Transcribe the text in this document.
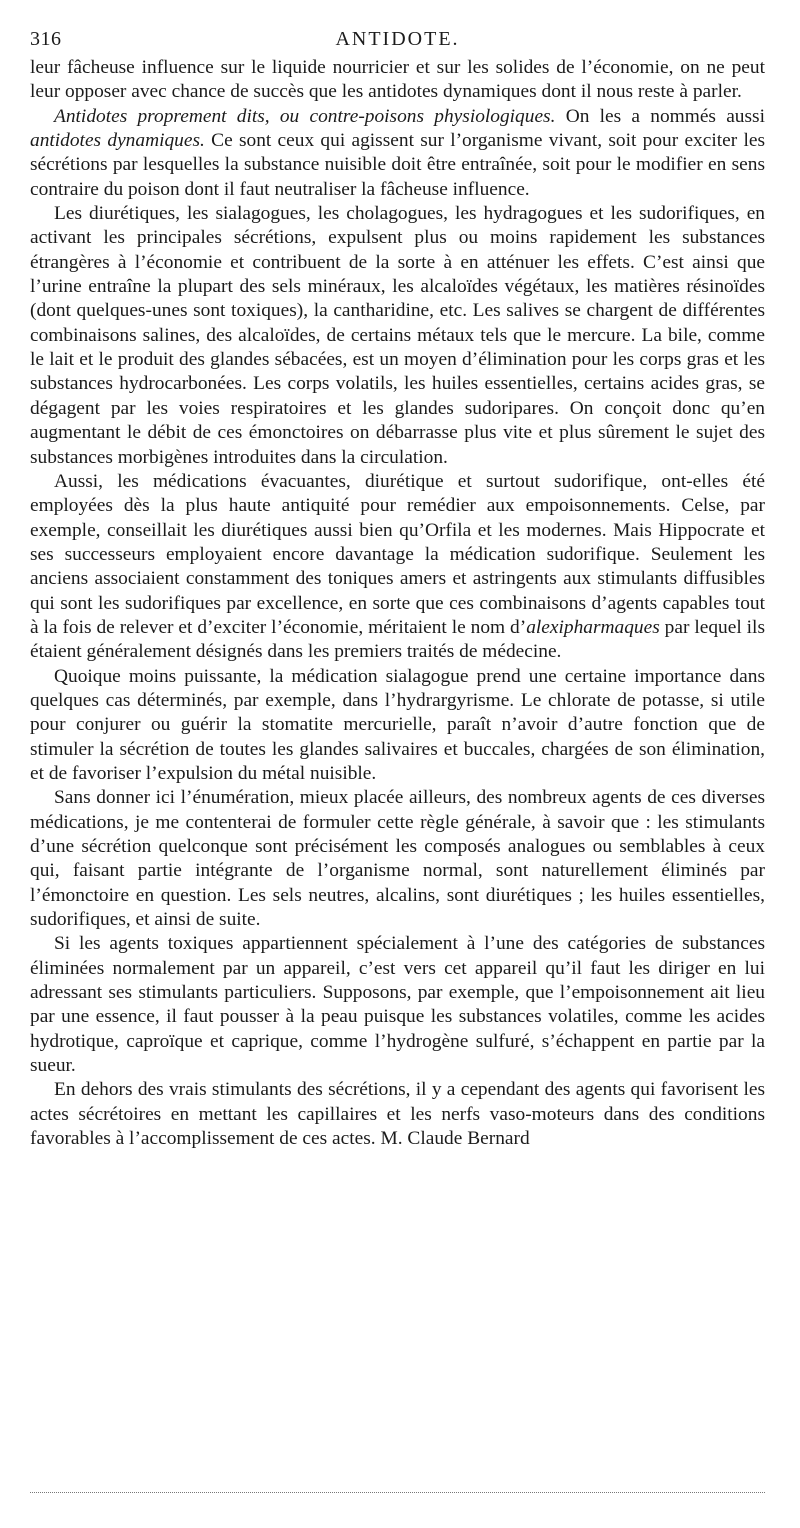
316	ANTIDOTE.

leur fâcheuse influence sur le liquide nourricier et sur les solides de l’économie, on ne peut leur opposer avec chance de succès que les antidotes dynamiques dont il nous reste à parler.

Antidotes proprement dits, ou contre-poisons physiologiques. On les a nommés aussi antidotes dynamiques. Ce sont ceux qui agissent sur l’organisme vivant, soit pour exciter les sécrétions par lesquelles la substance nuisible doit être entraînée, soit pour le modifier en sens contraire du poison dont il faut neutraliser la fâcheuse influence.

Les diurétiques, les sialagogues, les cholagogues, les hydragogues et les sudorifiques, en activant les principales sécrétions, expulsent plus ou moins rapidement les substances étrangères à l’économie et contribuent de la sorte à en atténuer les effets. C’est ainsi que l’urine entraîne la plupart des sels minéraux, les alcaloïdes végétaux, les matières résinoïdes (dont quelques-unes sont toxiques), la cantharidine, etc. Les salives se chargent de différentes combinaisons salines, des alcaloïdes, de certains métaux tels que le mercure. La bile, comme le lait et le produit des glandes sébacées, est un moyen d’élimination pour les corps gras et les substances hydrocarbonées. Les corps volatils, les huiles essentielles, certains acides gras, se dégagent par les voies respiratoires et les glandes sudoripares. On conçoit donc qu’en augmentant le débit de ces émonctoires on débarrasse plus vite et plus sûrement le sujet des substances morbigènes introduites dans la circulation.

Aussi, les médications évacuantes, diurétique et surtout sudorifique, ont-elles été employées dès la plus haute antiquité pour remédier aux empoisonnements. Celse, par exemple, conseillait les diurétiques aussi bien qu’Orfila et les modernes. Mais Hippocrate et ses successeurs employaient encore davantage la médication sudorifique. Seulement les anciens associaient constamment des toniques amers et astringents aux stimulants diffusibles qui sont les sudorifiques par excellence, en sorte que ces combinaisons d’agents capables tout à la fois de relever et d’exciter l’économie, méritaient le nom d’alexipharmaques par lequel ils étaient généralement désignés dans les premiers traités de médecine.

Quoique moins puissante, la médication sialagogue prend une certaine importance dans quelques cas déterminés, par exemple, dans l’hydrargyrisme. Le chlorate de potasse, si utile pour conjurer ou guérir la stomatite mercurielle, paraît n’avoir d’autre fonction que de stimuler la sécrétion de toutes les glandes salivaires et buccales, chargées de son élimination, et de favoriser l’expulsion du métal nuisible.

Sans donner ici l’énumération, mieux placée ailleurs, des nombreux agents de ces diverses médications, je me contenterai de formuler cette règle générale, à savoir que : les stimulants d’une sécrétion quelconque sont précisément les composés analogues ou semblables à ceux qui, faisant partie intégrante de l’organisme normal, sont naturellement éliminés par l’émonctoire en question. Les sels neutres, alcalins, sont diurétiques ; les huiles essentielles, sudorifiques, et ainsi de suite.

Si les agents toxiques appartiennent spécialement à l’une des catégories de substances éliminées normalement par un appareil, c’est vers cet appareil qu’il faut les diriger en lui adressant ses stimulants particuliers. Supposons, par exemple, que l’empoisonnement ait lieu par une essence, il faut pousser à la peau puisque les substances volatiles, comme les acides hydrotique, caproïque et caprique, comme l’hydrogène sulfuré, s’échappent en partie par la sueur.

En dehors des vrais stimulants des sécrétions, il y a cependant des agents qui favorisent les actes sécrétoires en mettant les capillaires et les nerfs vaso-moteurs dans des conditions favorables à l’accomplissement de ces actes. M. Claude Bernard
